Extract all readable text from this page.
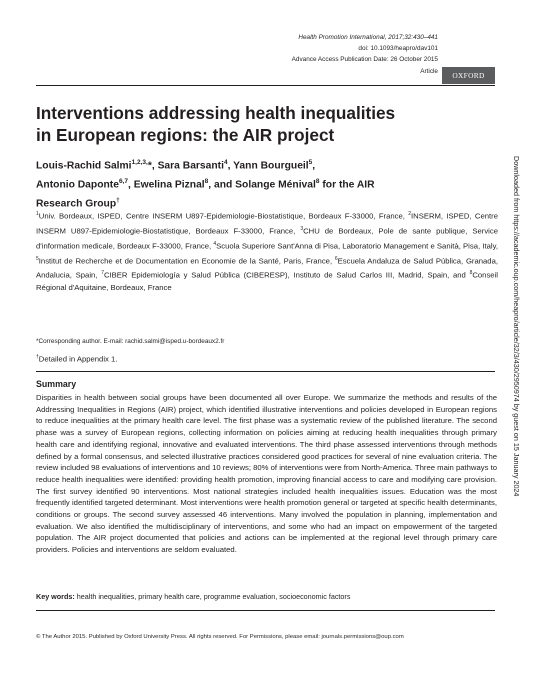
Health Promotion International, 2017;32:430–441
doi: 10.1093/heapro/dav101
Advance Access Publication Date: 26 October 2015
Article	OXFORD
Interventions addressing health inequalities
in European regions: the AIR project
Louis-Rachid Salmi$^{1,2,3,}$*, Sara Barsanti$^4$, Yann Bourgueil$^5$,
Antonio Daponte$^{6,7}$, Ewelina Piznal$^8$, and Solange Ménival$^8$ for the AIR
Research Group†
$^1$Univ. Bordeaux, ISPED, Centre INSERM U897-Epidemiologie-Biostatistique, Bordeaux F-33000, France, $^2$INSERM, ISPED, Centre INSERM U897-Epidemiologie-Biostatistique, Bordeaux F-33000, France, $^3$CHU de Bordeaux, Pole de sante publique, Service d'information medicale, Bordeaux F-33000, France, $^4$Scuola Superiore Sant'Anna di Pisa, Laboratorio Management e Sanità, Pisa, Italy, $^5$Institut de Recherche et de Documentation en Economie de la Santé, Paris, France, $^6$Escuela Andaluza de Salud Pública, Granada, Andalucia, Spain, $^7$CIBER Epidemiología y Salud Pública (CIBERESP), Instituto de Salud Carlos III, Madrid, Spain, and $^8$Conseil Régional d'Aquitaine, Bordeaux, France
*Corresponding author. E-mail: rachid.salmi@isped.u-bordeaux2.fr
†Detailed in Appendix 1.
Summary
Disparities in health between social groups have been documented all over Europe. We summarize the methods and results of the Addressing Inequalities in Regions (AIR) project, which identified illustrative interventions and policies developed in European regions to reduce inequalities at the primary health care level. The first phase was a systematic review of the published literature. The second phase was a survey of European regions, collecting information on policies aiming at reducing health inequalities through primary health care and identifying regional, innovative and evaluated interventions. The third phase assessed interventions through methods defined by a formal consensus, and selected illustrative practices considered good practices for several of nine evaluation criteria. The review included 98 evaluations of interventions and 10 reviews; 80% of interventions were from North-America. Three main pathways to reduce health inequalities were identified: providing health promotion, improving financial access to care and modifying care provision. The first survey identified 90 interventions. Most national strategies included health inequalities issues. Education was the most frequently identified targeted determinant. Most interventions were health promotion general or targeted at specific health determinants, conditions or groups. The second survey assessed 46 interventions. Many involved the population in planning, implementation and evaluation. We also identified the multidisciplinary of interventions, and some who had an impact on empowerment of the targeted population. The AIR project documented that policies and actions can be implemented at the regional level through primary care providers. Policies and interventions are seldom evaluated.
Key words: health inequalities, primary health care, programme evaluation, socioeconomic factors
© The Author 2015. Published by Oxford University Press. All rights reserved. For Permissions, please email: journals.permissions@oup.com
Downloaded from https://academic.oup.com/heapro/article/32/3/430/2950974 by guest on 15 January 2024
